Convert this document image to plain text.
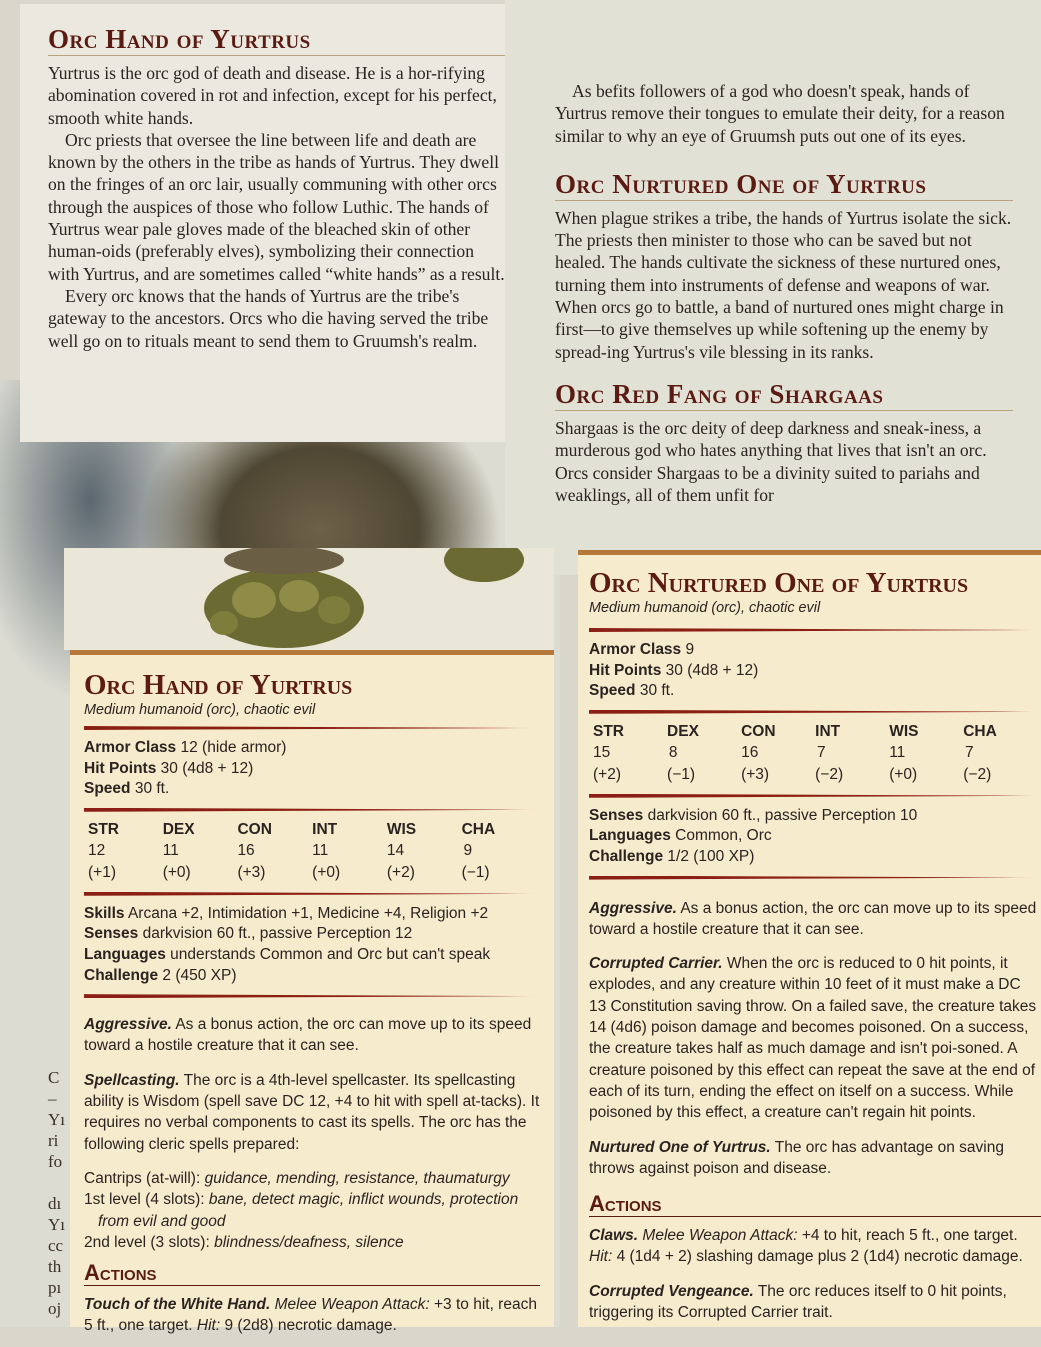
C
–
Yı
ri
fo

dı
Yı
cc
th
pı
oj
Orc Hand of Yurtrus

Yurtrus is the orc god of death and disease. He is a hor-rifying abomination covered in rot and infection, except for his perfect, smooth white hands.

Orc priests that oversee the line between life and death are known by the others in the tribe as hands of Yurtrus. They dwell on the fringes of an orc lair, usually communing with other orcs through the auspices of those who follow Luthic. The hands of Yurtrus wear pale gloves made of the bleached skin of other human-oids (preferably elves), symbolizing their connection with Yurtrus, and are sometimes called “white hands” as a result.

Every orc knows that the hands of Yurtrus are the tribe's gateway to the ancestors. Orcs who die having served the tribe well go on to rituals meant to send them to Gruumsh's realm.

As befits followers of a god who doesn't speak, hands of Yurtrus remove their tongues to emulate their deity, for a reason similar to why an eye of Gruumsh puts out one of its eyes.

Orc Nurtured One of Yurtrus

When plague strikes a tribe, the hands of Yurtrus isolate the sick. The priests then minister to those who can be saved but not healed. The hands cultivate the sickness of these nurtured ones, turning them into instruments of defense and weapons of war. When orcs go to battle, a band of nurtured ones might charge in first—to give themselves up while softening up the enemy by spread-ing Yurtrus's vile blessing in its ranks.

Orc Red Fang of Shargaas

Shargaas is the orc deity of deep darkness and sneak-iness, a murderous god who hates anything that lives that isn't an orc. Orcs consider Shargaas to be a divinity suited to pariahs and weaklings, all of them unfit for

Orc Hand of Yurtrus

Medium humanoid (orc), chaotic evil

Armor Class 12 (hide armor)

Hit Points 30 (4d8 + 12)

Speed 30 ft.

STR
12 (+1)
DEX
11 (+0)
CON
16 (+3)
INT
11 (+0)
WIS
14 (+2)
CHA
9 (−1)

Skills Arcana +2, Intimidation +1, Medicine +4, Religion +2

Senses darkvision 60 ft., passive Perception 12

Languages understands Common and Orc but can't speak

Challenge 2 (450 XP)

Aggressive. As a bonus action, the orc can move up to its speed toward a hostile creature that it can see.

Spellcasting. The orc is a 4th-level spellcaster. Its spellcasting ability is Wisdom (spell save DC 12, +4 to hit with spell at-tacks). It requires no verbal components to cast its spells. The orc has the following cleric spells prepared:

Cantrips (at-will): guidance, mending, resistance, thaumaturgy

1st level (4 slots): bane, detect magic, inflict wounds, protection from evil and good

2nd level (3 slots): blindness/deafness, silence

Actions

Touch of the White Hand. Melee Weapon Attack: +3 to hit, reach 5 ft., one target. Hit: 9 (2d8) necrotic damage.

Orc Nurtured One of Yurtrus

Medium humanoid (orc), chaotic evil

Armor Class 9

Hit Points 30 (4d8 + 12)

Speed 30 ft.

STR
15 (+2)
DEX
8 (−1)
CON
16 (+3)
INT
7 (−2)
WIS
11 (+0)
CHA
7 (−2)

Senses darkvision 60 ft., passive Perception 10

Languages Common, Orc

Challenge 1/2 (100 XP)

Aggressive. As a bonus action, the orc can move up to its speed toward a hostile creature that it can see.

Corrupted Carrier. When the orc is reduced to 0 hit points, it explodes, and any creature within 10 feet of it must make a DC 13 Constitution saving throw. On a failed save, the creature takes 14 (4d6) poison damage and becomes poisoned. On a success, the creature takes half as much damage and isn't poi-soned. A creature poisoned by this effect can repeat the save at the end of each of its turn, ending the effect on itself on a success. While poisoned by this effect, a creature can't regain hit points.

Nurtured One of Yurtrus. The orc has advantage on saving throws against poison and disease.

Actions

Claws. Melee Weapon Attack: +4 to hit, reach 5 ft., one target. Hit: 4 (1d4 + 2) slashing damage plus 2 (1d4) necrotic damage.

Corrupted Vengeance. The orc reduces itself to 0 hit points, triggering its Corrupted Carrier trait.
